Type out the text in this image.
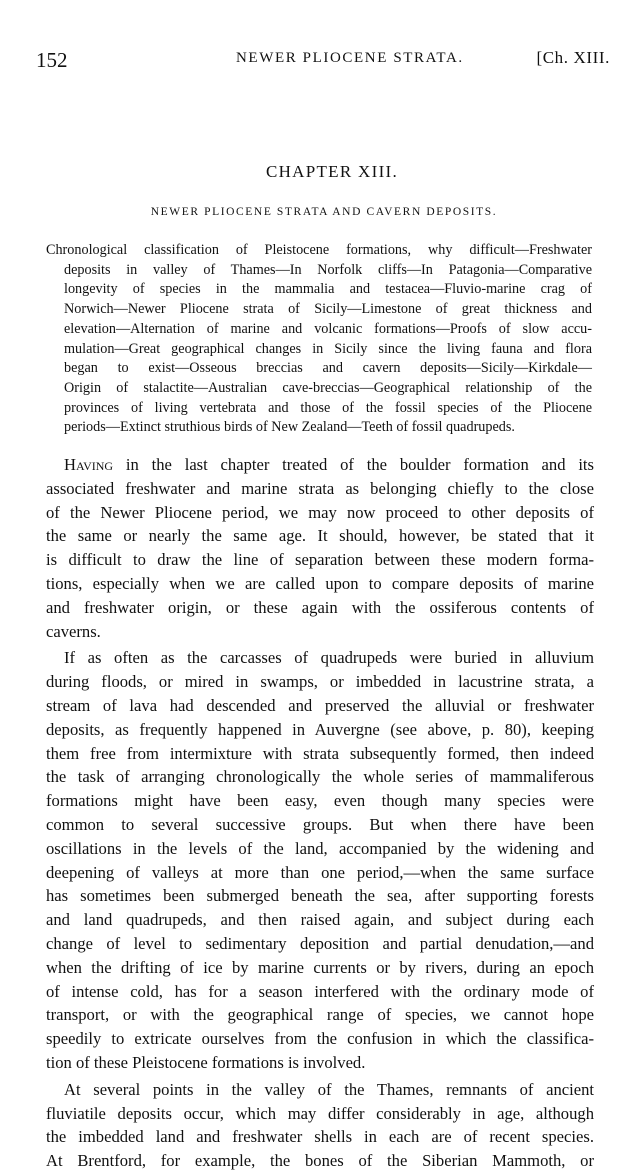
152	NEWER PLIOCENE STRATA.	[Ch. XIII.
CHAPTER XIII.
NEWER PLIOCENE STRATA AND CAVERN DEPOSITS.
Chronological classification of Pleistocene formations, why difficult—Freshwater
deposits in valley of Thames—In Norfolk cliffs—In Patagonia—Comparative
longevity of species in the mammalia and testacea—Fluvio-marine crag of
Norwich—Newer Pliocene strata of Sicily—Limestone of great thickness and
elevation—Alternation of marine and volcanic formations—Proofs of slow accu-
mulation—Great geographical changes in Sicily since the living fauna and flora
began to exist—Osseous breccias and cavern deposits—Sicily—Kirkdale—
Origin of stalactite—Australian cave-breccias—Geographical relationship of the
provinces of living vertebrata and those of the fossil species of the Pliocene
periods—Extinct struthious birds of New Zealand—Teeth of fossil quadrupeds.
Having in the last chapter treated of the boulder formation and its
associated freshwater and marine strata as belonging chiefly to the close
of the Newer Pliocene period, we may now proceed to other deposits of
the same or nearly the same age. It should, however, be stated that it
is difficult to draw the line of separation between these modern forma-
tions, especially when we are called upon to compare deposits of marine
and freshwater origin, or these again with the ossiferous contents of
caverns.
If as often as the carcasses of quadrupeds were buried in alluvium
during floods, or mired in swamps, or imbedded in lacustrine strata, a
stream of lava had descended and preserved the alluvial or freshwater
deposits, as frequently happened in Auvergne (see above, p. 80), keeping
them free from intermixture with strata subsequently formed, then indeed
the task of arranging chronologically the whole series of mammaliferous
formations might have been easy, even though many species were
common to several successive groups. But when there have been
oscillations in the levels of the land, accompanied by the widening and
deepening of valleys at more than one period,—when the same surface
has sometimes been submerged beneath the sea, after supporting forests
and land quadrupeds, and then raised again, and subject during each
change of level to sedimentary deposition and partial denudation,—and
when the drifting of ice by marine currents or by rivers, during an epoch
of intense cold, has for a season interfered with the ordinary mode of
transport, or with the geographical range of species, we cannot hope
speedily to extricate ourselves from the confusion in which the classifica-
tion of these Pleistocene formations is involved.
At several points in the valley of the Thames, remnants of ancient
fluviatile deposits occur, which may differ considerably in age, although
the imbedded land and freshwater shells in each are of recent species.
At Brentford, for example, the bones of the Siberian Mammoth, or
